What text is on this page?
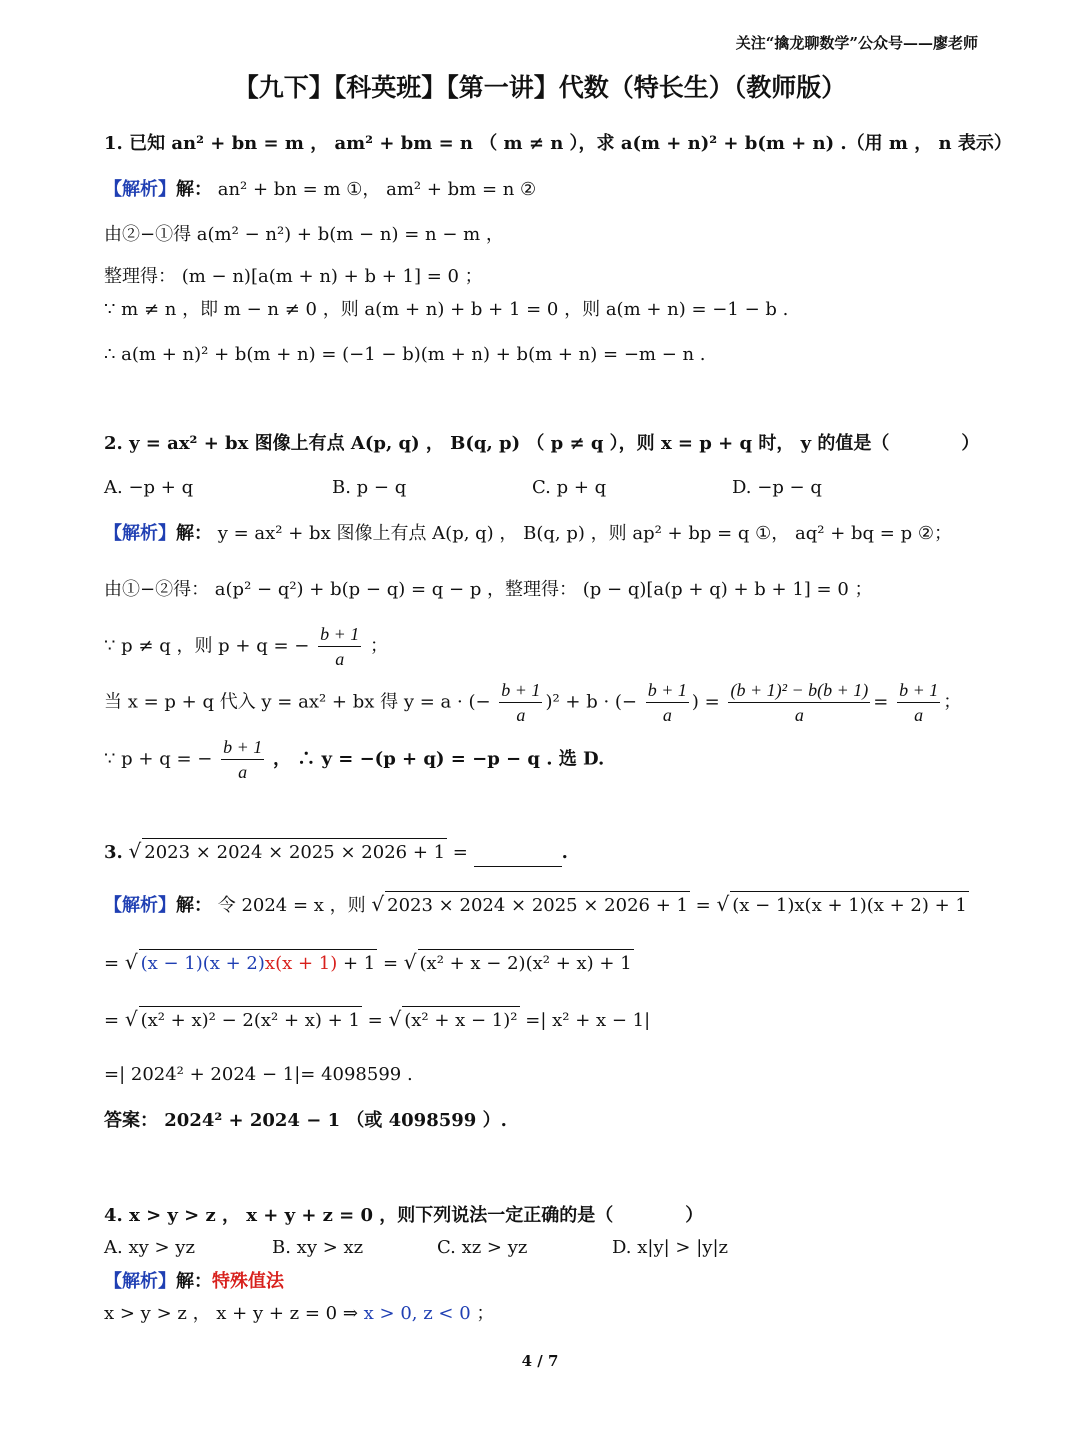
关注“擒龙聊数学”公众号——廖老师
【九下】【科英班】【第一讲】代数（特长生）（教师版）
1. 已知 an² + bn = m ， am² + bm = n （ m ≠ n ），求 a(m + n)² + b(m + n) .（用 m ， n 表示）
【解析】解： an² + bn = m ①， am² + bm = n ②
由②−①得 a(m² − n²) + b(m − n) = n − m ，
整理得： (m − n)[a(m + n) + b + 1] = 0 ；
∵ m ≠ n ，即 m − n ≠ 0 ，则 a(m + n) + b + 1 = 0 ，则 a(m + n) = −1 − b .
∴ a(m + n)² + b(m + n) = (−1 − b)(m + n) + b(m + n) = −m − n .
2. y = ax² + bx 图像上有点 A(p, q) ， B(q, p) （ p ≠ q ），则 x = p + q 时， y 的值是（　　　　）
A. −p + q	B. p − q	C. p + q	D. −p − q
【解析】解： y = ax² + bx 图像上有点 A(p, q) ， B(q, p) ，则 ap² + bp = q ①， aq² + bq = p ②；
由①−②得： a(p² − q²) + b(p − q) = q − p ，整理得： (p − q)[a(p + q) + b + 1] = 0 ；
∵ p ≠ q ，则 p + q = − $\frac{b + 1}{a}$ ；
当 x = p + q 代入 y = ax² + bx 得 y = a · (− $\frac{b + 1}{a} )^2 + b$ · (− $\frac{b + 1}{a}$ ) = $\frac{\text{(b + 1)² − b(b + 1)}}{a} = \frac{b + 1}{a}$ ；
∵ p + q = − $\frac{b + 1}{a}$ ， ∴ y = −(p + q) = −p − q . 选 D.
3. √ 2023 × 2024 × 2025 × 2026 + 1 =	.
【解析】解： 令 2024 = x ，则 √ 2023 × 2024 × 2025 × 2026 + 1 = √ (x − 1)x(x + 1)(x + 2) + 1
= √ (x − 1)(x + 2)x(x + 1) + 1 = √ (x² + x − 2)(x² + x) + 1
= √ (x² + x)² − 2(x² + x) + 1 = √ (x² + x − 1)² =| x² + x − 1|
=| 2024² + 2024 − 1|= 4098599 .
答案： 2024² + 2024 − 1 （或 4098599 ）.
4. x > y > z ， x + y + z = 0 ，则下列说法一定正确的是（　　　　）
A. xy > yz	B. xy > xz	C. xz > yz	D. x|y| > |y|z
【解析】解：特殊值法
x > y > z ， x + y + z = 0 ⇒ x > 0, z < 0 ；
4 / 7
